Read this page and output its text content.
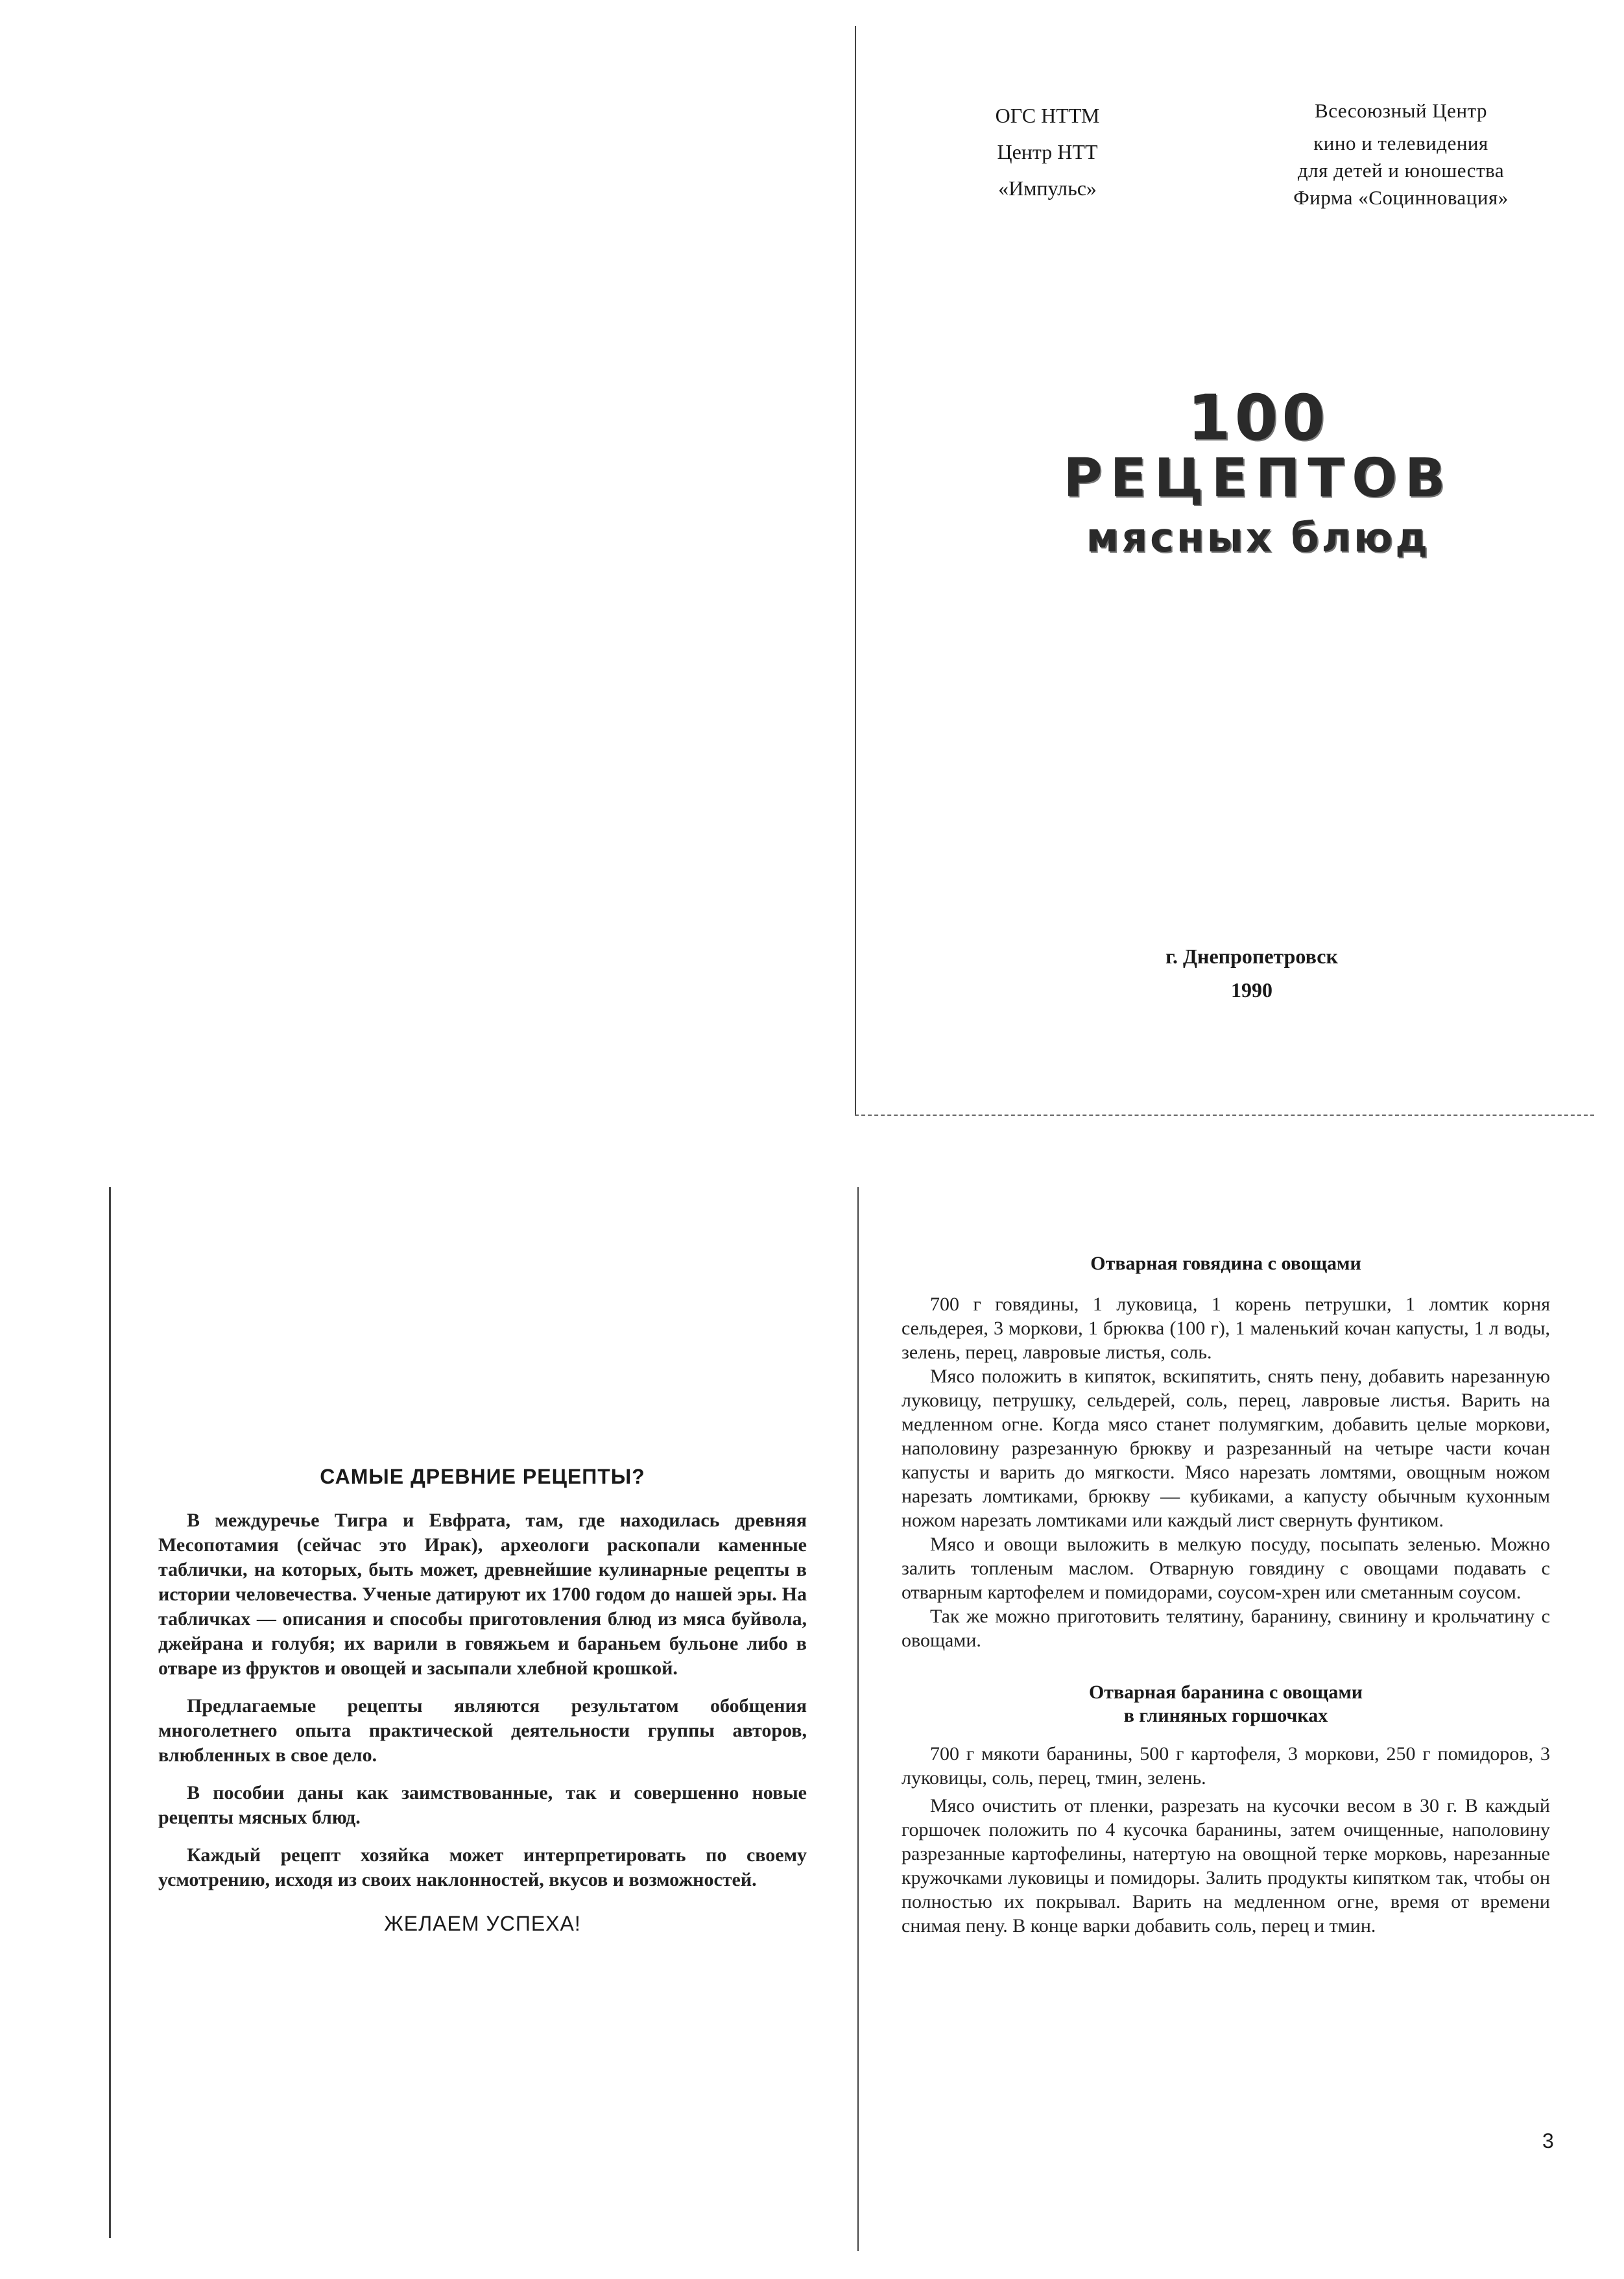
ОГС НТТМ
Центр НТТ
«Импульс»
Всесоюзный Центр
кино и телевидения
для детей и юношества
Фирма «Социнновация»
100
РЕЦЕПТОВ
мясных блюд
г. Днепропетровск
1990
САМЫЕ ДРЕВНИЕ РЕЦЕПТЫ?

В междуречье Тигра и Евфрата, там, где находилась древняя Месопотамия (сейчас это Ирак), археологи раскопали каменные таблички, на которых, быть может, древнейшие кулинарные рецепты в истории человечества. Ученые датируют их 1700 годом до нашей эры. На табличках — описания и способы приготовления блюд из мяса буйвола, джейрана и голубя; их варили в говяжьем и бараньем бульоне либо в отваре из фруктов и овощей и засыпали хлебной крошкой.

Предлагаемые рецепты являются результатом обобщения многолетнего опыта практической деятельности группы авторов, влюбленных в свое дело.

В пособии даны как заимствованные, так и совершенно новые рецепты мясных блюд.

Каждый рецепт хозяйка может интерпретировать по своему усмотрению, исходя из своих наклонностей, вкусов и возможностей.

ЖЕЛАЕМ УСПЕХА!
Отварная говядина с овощами

700 г говядины, 1 луковица, 1 корень петрушки, 1 ломтик корня сельдерея, 3 моркови, 1 брюква (100 г), 1 маленький кочан капусты, 1 л воды, зелень, перец, лавровые листья, соль.

Мясо положить в кипяток, вскипятить, снять пену, добавить нарезанную луковицу, петрушку, сельдерей, соль, перец, лавровые листья. Варить на медленном огне. Когда мясо станет полумягким, добавить целые моркови, наполовину разрезанную брюкву и разрезанный на четыре части кочан капусты и варить до мягкости. Мясо нарезать ломтями, овощным ножом нарезать ломтиками, брюкву — кубиками, а капусту обычным кухонным ножом нарезать ломтиками или каждый лист свернуть фунтиком.

Мясо и овощи выложить в мелкую посуду, посыпать зеленью. Можно залить топленым маслом. Отварную говядину с овощами подавать с отварным картофелем и помидорами, соусом-хрен или сметанным соусом.

Так же можно приготовить телятину, баранину, свинину и крольчатину с овощами.

Отварная баранина с овощами
в глиняных горшочках

700 г мякоти баранины, 500 г картофеля, 3 моркови, 250 г помидоров, 3 луковицы, соль, перец, тмин, зелень.

Мясо очистить от пленки, разрезать на кусочки весом в 30 г. В каждый горшочек положить по 4 кусочка баранины, затем очищенные, наполовину разрезанные картофелины, натертую на овощной терке морковь, нарезанные кружочками луковицы и помидоры. Залить продукты кипятком так, чтобы он полностью их покрывал. Варить на медленном огне, время от времени снимая пену. В конце варки добавить соль, перец и тмин.

3
